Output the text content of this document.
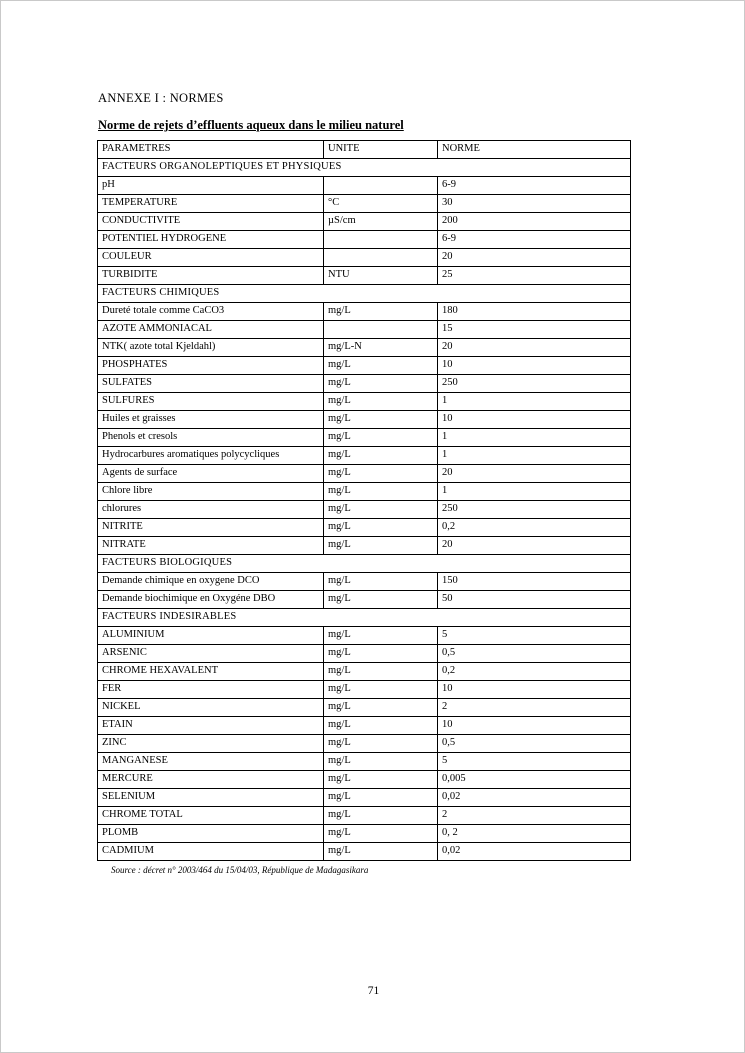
ANNEXE I : NORMES

Norme de rejets d’effluents aqueux dans le milieu naturel

PARAMETRES	UNITE	NORME
FACTEURS ORGANOLEPTIQUES ET PHYSIQUES		
pH		6-9
TEMPERATURE	°C	30
CONDUCTIVITE	µS/cm	200
POTENTIEL HYDROGENE		6-9
COULEUR		20
TURBIDITE	NTU	25
FACTEURS CHIMIQUES		
Dureté totale comme CaCO3	mg/L	180
AZOTE AMMONIACAL		15
NTK( azote total Kjeldahl)	mg/L-N	20
PHOSPHATES	mg/L	10
SULFATES	mg/L	250
SULFURES	mg/L	1
Huiles et graisses	mg/L	10
Phenols et cresols	mg/L	1
Hydrocarbures aromatiques polycycliques	mg/L	1
Agents de surface	mg/L	20
Chlore libre	mg/L	1
chlorures	mg/L	250
NITRITE	mg/L	0,2
NITRATE	mg/L	20
FACTEURS BIOLOGIQUES		
Demande chimique en oxygene DCO	mg/L	150
Demande biochimique en Oxygéne DBO	mg/L	50
FACTEURS INDESIRABLES		
ALUMINIUM	mg/L	5
ARSENIC	mg/L	0,5
CHROME HEXAVALENT	mg/L	0,2
FER	mg/L	10
NICKEL	mg/L	2
ETAIN	mg/L	10
ZINC	mg/L	0,5
MANGANESE	mg/L	5
MERCURE	mg/L	0,005
SELENIUM	mg/L	0,02
CHROME TOTAL	mg/L	2
PLOMB	mg/L	0, 2
CADMIUM	mg/L	0,02

Source : décret n° 2003/464 du 15/04/03, République de Madagasikara

71
